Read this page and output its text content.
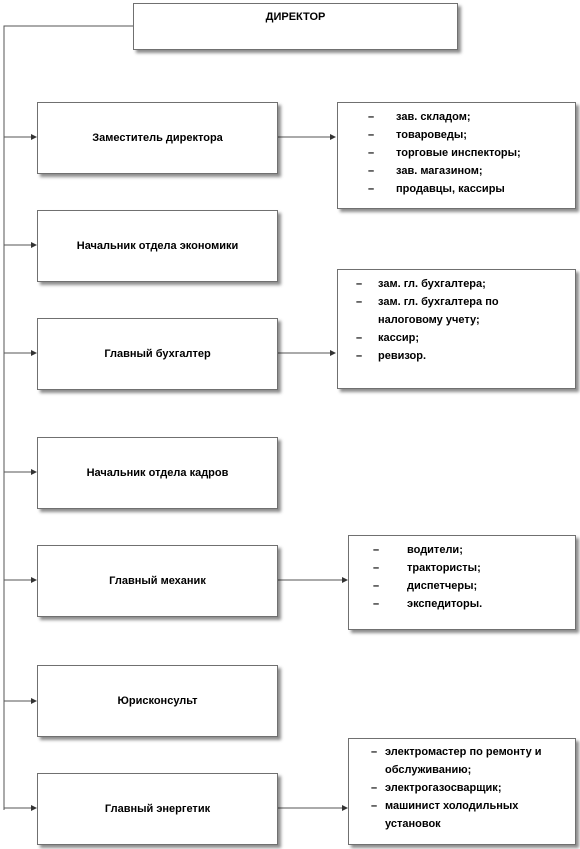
ДИРЕКТОР
Заместитель директора
Начальник отдела экономики
Главный бухгалтер
Начальник отдела кадров
Главный механик
Юрисконсульт
Главный энергетик
– зав. складом;
– товароведы;
– торговые инспекторы;
– зав. магазином;
– продавцы, кассиры
– зам. гл. бухгалтера;
– зам. гл. бухгалтера по налоговому учету;
– кассир;
– ревизор.
–	водители;
–	трактористы;
–	диспетчеры;
–	экспедиторы.
– электромастер по ремонту и обслуживанию;
– электрогазосварщик;
– машинист холодильных установок
